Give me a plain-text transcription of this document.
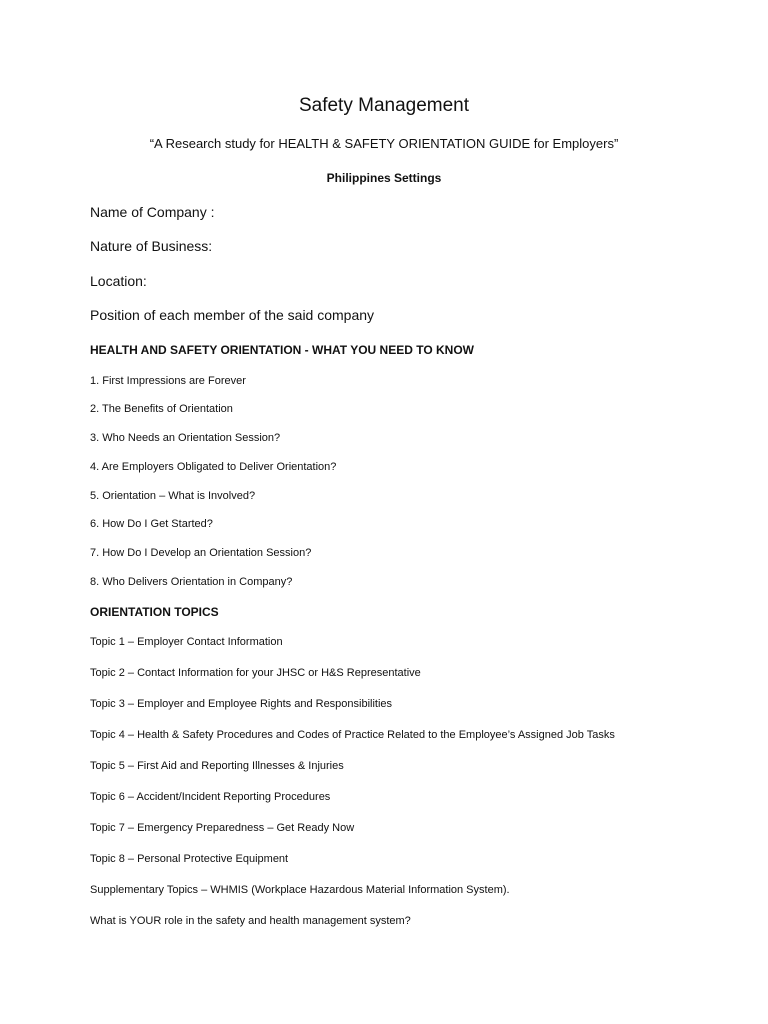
Safety Management
“A Research study for HEALTH & SAFETY ORIENTATION GUIDE for Employers”
Philippines Settings
Name of Company :
Nature of Business:
Location:
Position of each member of the said company
HEALTH AND SAFETY ORIENTATION - WHAT YOU NEED TO KNOW
1. First Impressions are Forever
2. The Benefits of Orientation
3. Who Needs an Orientation Session?
4. Are Employers Obligated to Deliver Orientation?
5. Orientation – What is Involved?
6. How Do I Get Started?
7. How Do I Develop an Orientation Session?
8. Who Delivers Orientation in Company?
ORIENTATION TOPICS
Topic 1 – Employer Contact Information
Topic 2 – Contact Information for your JHSC or H&S Representative
Topic 3 – Employer and Employee Rights and Responsibilities
Topic 4 – Health & Safety Procedures and Codes of Practice Related to the Employee’s Assigned Job Tasks
Topic 5 – First Aid and Reporting Illnesses & Injuries
Topic 6 – Accident/Incident Reporting Procedures
Topic 7 – Emergency Preparedness – Get Ready Now
Topic 8 – Personal Protective Equipment
Supplementary Topics – WHMIS (Workplace Hazardous Material Information System).
What is YOUR role in the safety and health management system?
